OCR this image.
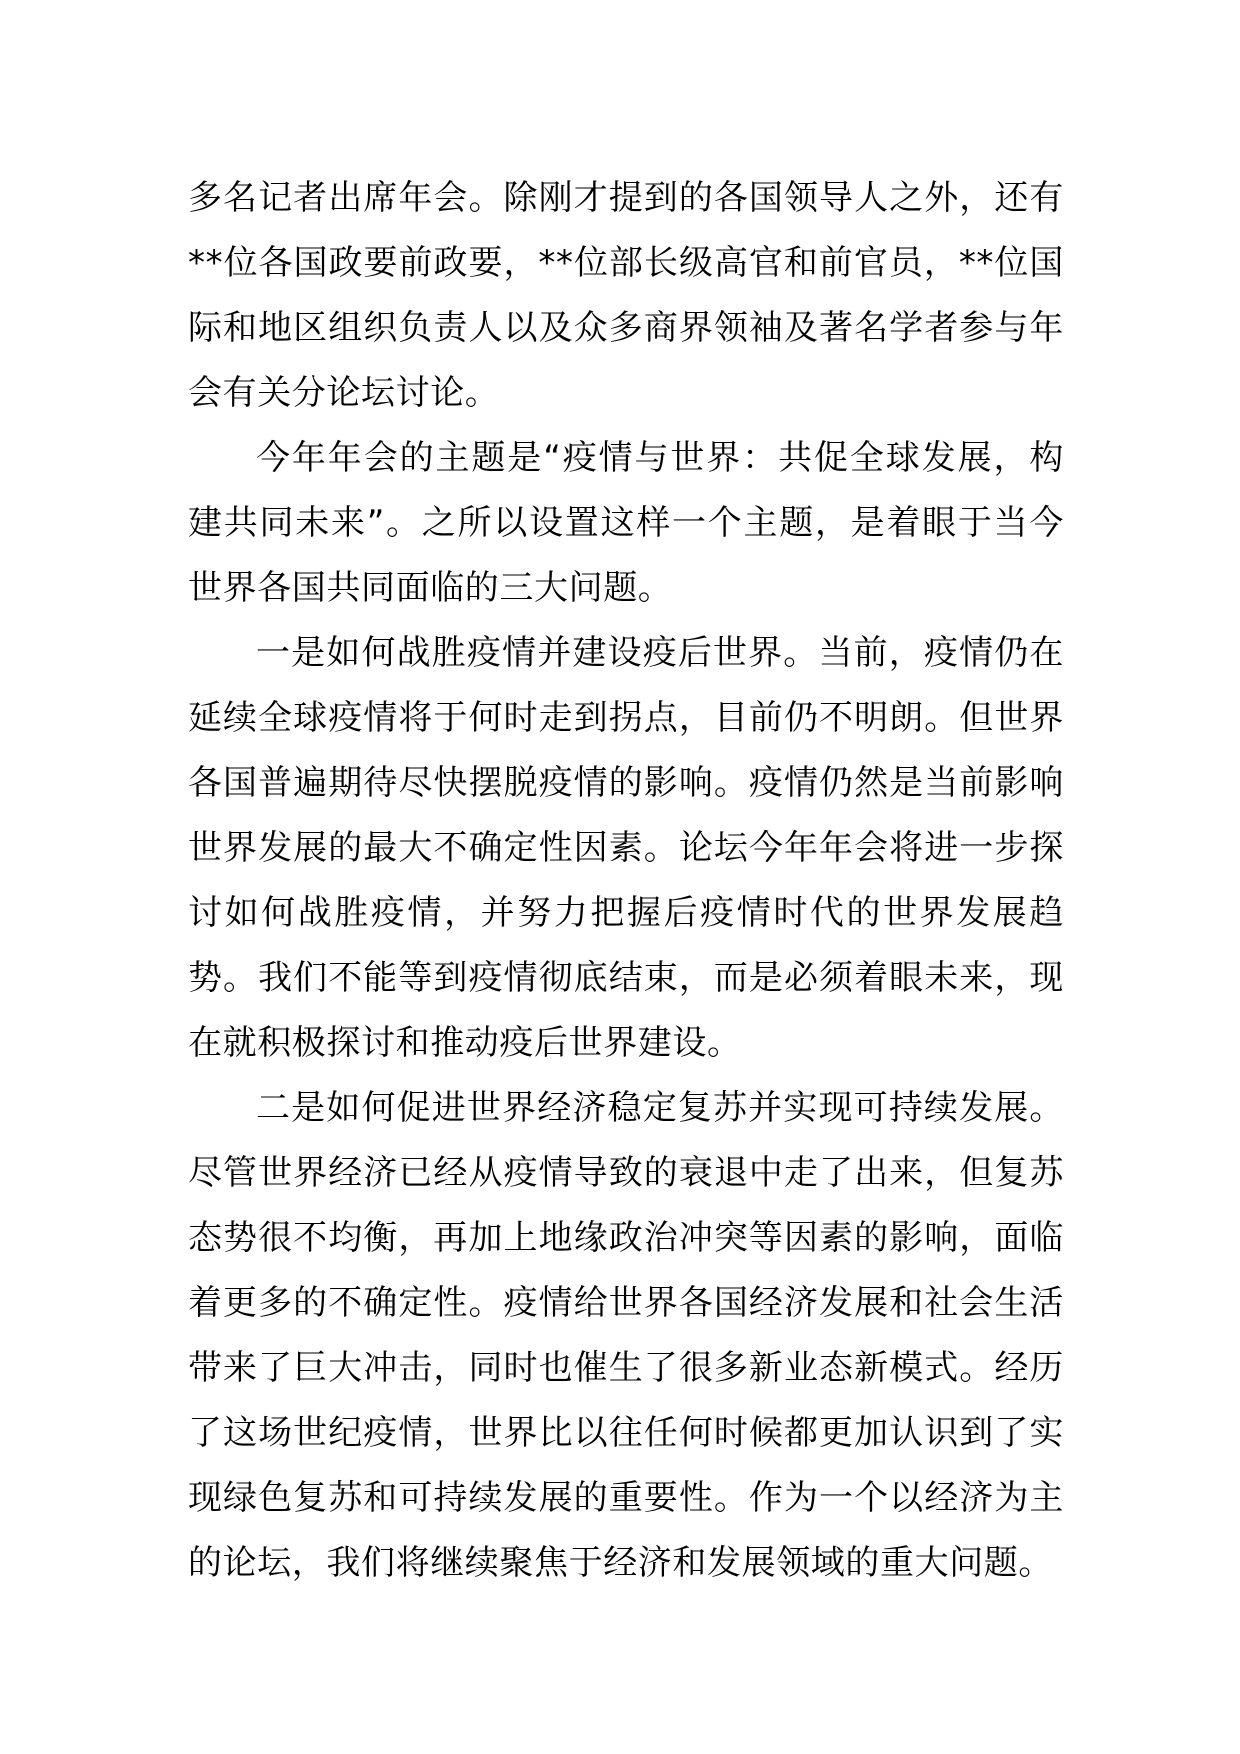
多名记者出席年会。除刚才提到的各国领导人之外，还有**位各国政要前政要，**位部长级高官和前官员，**位国际和地区组织负责人以及众多商界领袖及著名学者参与年会有关分论坛讨论。

今年年会的主题是“疫情与世界：共促全球发展，构建共同未来”。之所以设置这样一个主题，是着眼于当今世界各国共同面临的三大问题。

一是如何战胜疫情并建设疫后世界。当前，疫情仍在延续全球疫情将于何时走到拐点，目前仍不明朗。但世界各国普遍期待尽快摆脱疫情的影响。疫情仍然是当前影响世界发展的最大不确定性因素。论坛今年年会将进一步探讨如何战胜疫情，并努力把握后疫情时代的世界发展趋势。我们不能等到疫情彻底结束，而是必须着眼未来，现在就积极探讨和推动疫后世界建设。

二是如何促进世界经济稳定复苏并实现可持续发展。尽管世界经济已经从疫情导致的衰退中走了出来，但复苏态势很不均衡，再加上地缘政治冲突等因素的影响，面临着更多的不确定性。疫情给世界各国经济发展和社会生活带来了巨大冲击，同时也催生了很多新业态新模式。经历了这场世纪疫情，世界比以往任何时候都更加认识到了实现绿色复苏和可持续发展的重要性。作为一个以经济为主的论坛，我们将继续聚焦于经济和发展领域的重大问题。
